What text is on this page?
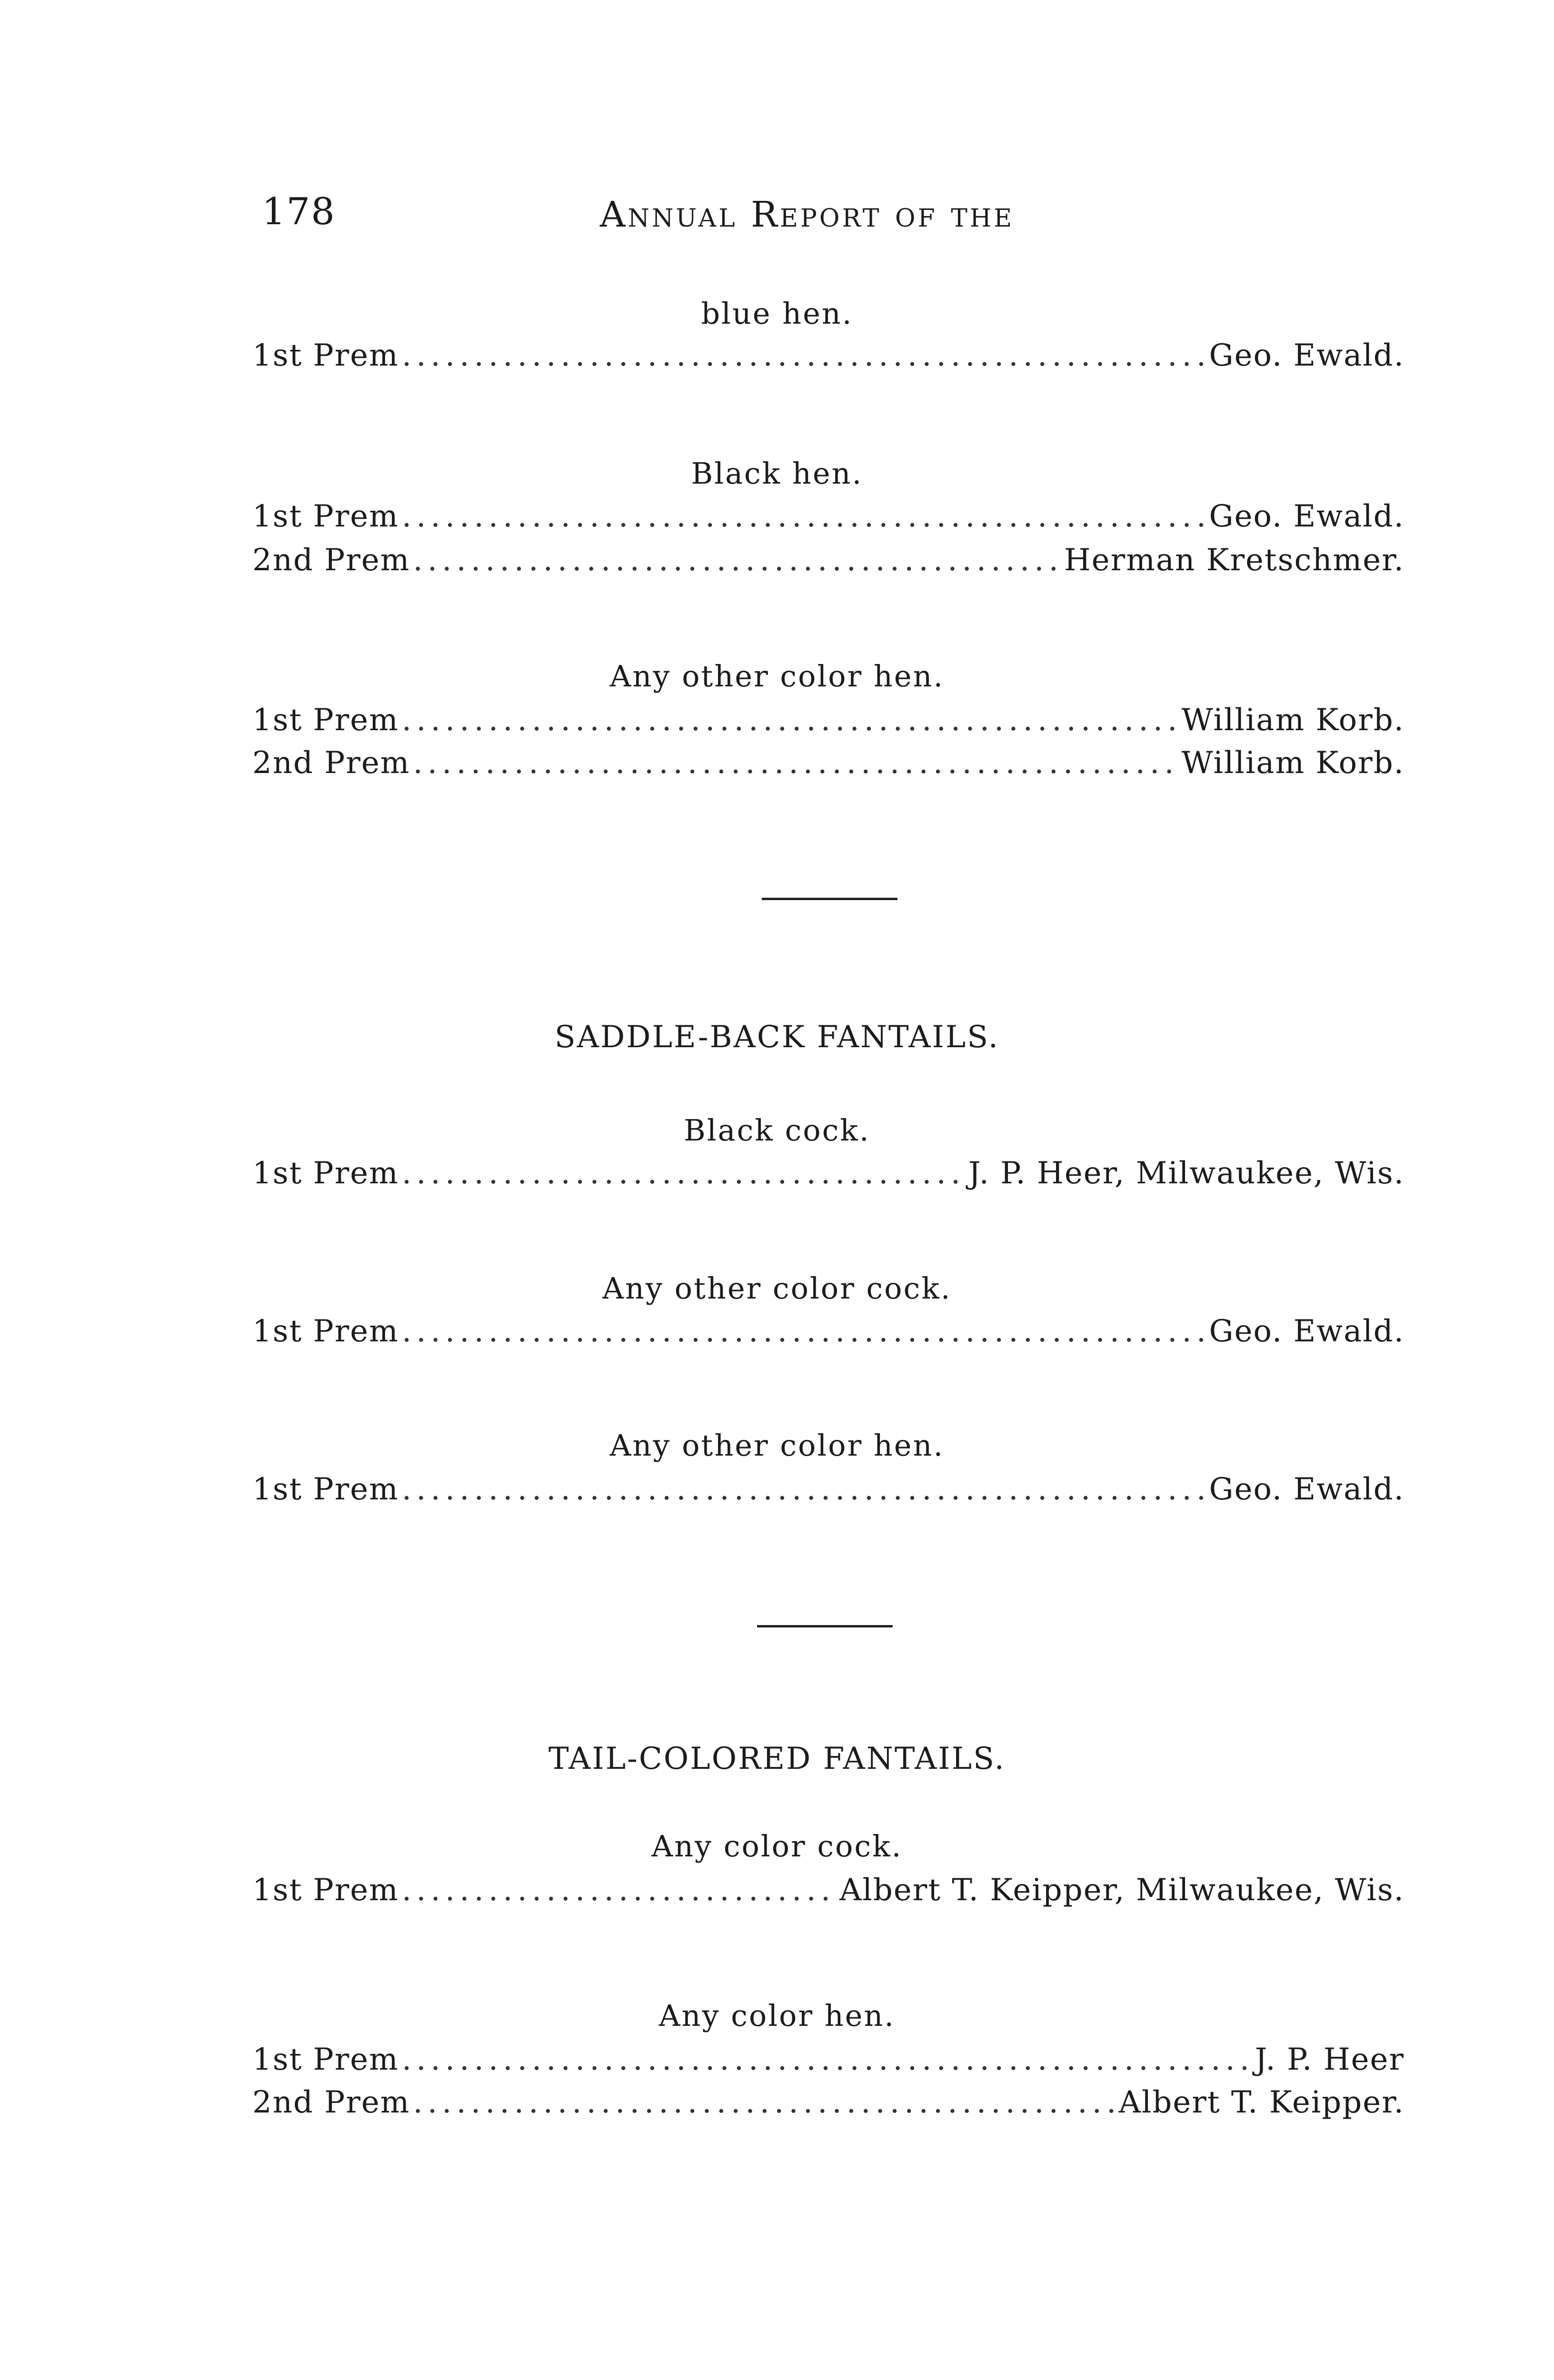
178	Annual Report of the
blue hen.
1st Prem .....	Geo. Ewald.
Black hen.
1st Prem .....	Geo. Ewald.
2nd Prem .....	Herman Kretschmer.
Any other color hen.
1st Prem .....	William Korb.
2nd Prem .....	William Korb.
SADDLE-BACK FANTAILS.
Black cock.
1st Prem .....	J. P. Heer, Milwaukee, Wis.
Any other color cock.
1st Prem .....	Geo. Ewald.
Any other color hen.
1st Prem .....	Geo. Ewald.
TAIL-COLORED FANTAILS.
Any color cock.
1st Prem .....	Albert T. Keipper, Milwaukee, Wis.
Any color hen.
1st Prem .....	J. P. Heer
2nd Prem .....	Albert T. Keipper.
